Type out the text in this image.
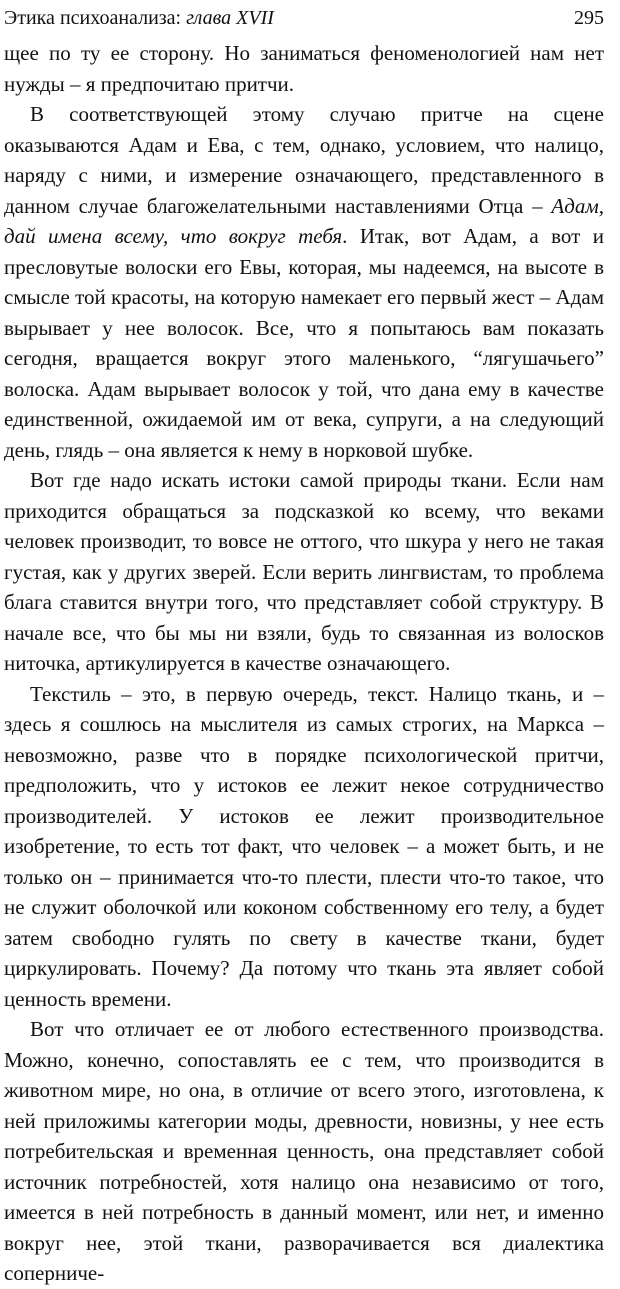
Этика психоанализа: глава XVII	295

щее по ту ее сторону. Но заниматься феноменологией нам нет нужды – я предпочитаю притчи.

В соответствующей этому случаю притче на сцене оказываются Адам и Ева, с тем, однако, условием, что налицо, наряду с ними, и измерение означающего, представленного в данном случае благожелательными наставлениями Отца – Адам, дай имена всему, что вокруг тебя. Итак, вот Адам, а вот и пресловутые волоски его Евы, которая, мы надеемся, на высоте в смысле той красоты, на которую намекает его первый жест – Адам вырывает у нее волосок. Все, что я попытаюсь вам показать сегодня, вращается вокруг этого маленького, “лягушачьего” волоска. Адам вырывает волосок у той, что дана ему в качестве единственной, ожидаемой им от века, супруги, а на следующий день, глядь – она является к нему в норковой шубке.

Вот где надо искать истоки самой природы ткани. Если нам приходится обращаться за подсказкой ко всему, что веками человек производит, то вовсе не оттого, что шкура у него не такая густая, как у других зверей. Если верить лингвистам, то проблема блага ставится внутри того, что представляет собой структуру. В начале все, что бы мы ни взяли, будь то связанная из волосков ниточка, артикулируется в качестве означающего.

Текстиль – это, в первую очередь, текст. Налицо ткань, и – здесь я сошлюсь на мыслителя из самых строгих, на Маркса – невозможно, разве что в порядке психологической притчи, предположить, что у истоков ее лежит некое сотрудничество производителей. У истоков ее лежит производительное изобретение, то есть тот факт, что человек – а может быть, и не только он – принимается что-то плести, плести что-то такое, что не служит оболочкой или коконом собственному его телу, а будет затем свободно гулять по свету в качестве ткани, будет циркулировать. Почему? Да потому что ткань эта являет собой ценность времени.

Вот что отличает ее от любого естественного производства. Можно, конечно, сопоставлять ее с тем, что производится в животном мире, но она, в отличие от всего этого, изготовлена, к ней приложимы категории моды, древности, новизны, у нее есть потребительская и временная ценность, она представляет собой источник потребностей, хотя налицо она независимо от того, имеется в ней потребность в данный момент, или нет, и именно вокруг нее, этой ткани, разворачивается вся диалектика соперниче-
